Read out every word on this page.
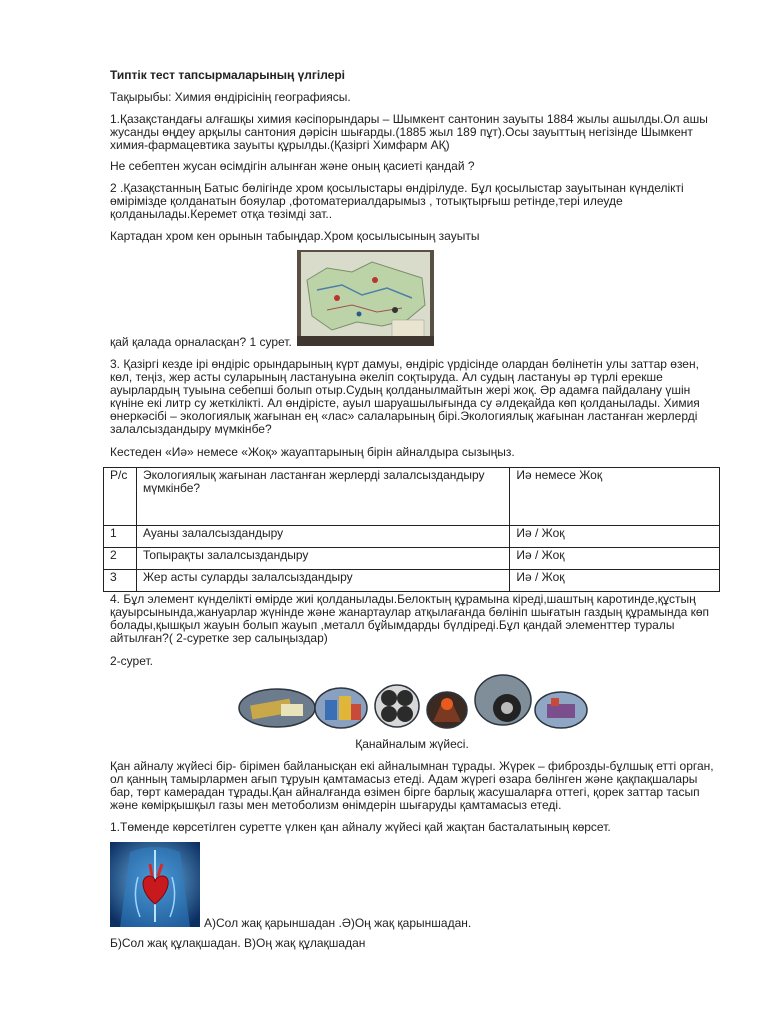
Типтік тест тапсырмаларының үлгілері

Тақырыбы: Химия өндірісінің географиясы.

1.Қазақстандағы алғашқы химия кәсіпорындары – Шымкент сантонин зауыты 1884 жылы ашылды.Ол ашы жусанды өңдеу арқылы сантония дәрісін шығарды.(1885 жыл 189 пұт).Осы зауыттың негізінде Шымкент химия-фармацевтика зауыты құрылды.(Қазіргі Химфарм АҚ)

Не себептен жусан өсімдігін алынған және оның қасиеті қандай ?

2 .Қазақстанның Батыс бөлігінде хром қосылыстары өндірілуде. Бұл қосылыстар зауытынан күнделікті өмірімізде қолданатын бояулар ,фотоматериалдарымыз , тотықтырғыш ретінде,тері илеуде қолданылады.Керемет отқа төзімді зат..

Картадан хром кен орынын табыңдар.Хром қосылысының зауыты

қай қалада орналасқан? 1 сурет.

3. Қазіргі кезде ірі өндіріс орындарының күрт дамуы, өндіріс үрдісінде олардан бөлінетін улы заттар өзен, көл, теңіз, жер асты суларының ластануына әкеліп соқтыруда. Ал судың ластануы әр түрлі ерекше ауырлардың туыына себепші болып отыр.Судың қолданылмайтын жері жоқ. Әр адамға пайдалану үшін күніне екі литр су жеткілікті. Ал өндірісте, ауыл шаруашылығында су әлдеқайда көп қолданылады. Химия өнеркәсібі – экологиялық жағынан ең «лас» салаларының бірі.Экологиялық жағынан ластанған жерлерді залалсыздандыру мүмкінбе?

Кестеден «Иә» немесе «Жоқ» жауаптарының бірін айналдыра сызыңыз.

Р/с	Экологиялық жағынан ластанған жерлерді залалсыздандыру мүмкінбе?	Иә немесе Жоқ
1	Ауаны залалсыздандыру	Иә / Жоқ
2	Топырақты залалсыздандыру	Иә / Жоқ
3	Жер асты суларды залалсыздандыру	Иә / Жоқ

4. Бұл элемент күнделікті өмірде жиі қолданылады.Белоктың құрамына кіреді,шаштың каротинде,құстың қауырсынында,жануарлар жүнінде және жанартаулар атқылағанда бөлініп шығатын газдың құрамында көп болады,қышқыл жауын болып жауып ,металл бұйымдарды бүлдіреді.Бұл қандай элементтер туралы айтылған?( 2-суретке зер салыңыздар)

2-сурет.

Қанайналым жүйесі.

Қан айналу жүйесі бір- бірімен байланысқан екі айналымнан тұрады. Жүрек – фиброзды-бұлшық етті орган, ол қанның тамырлармен ағып тұруын қамтамасыз етеді. Адам жүрегі өзара бөлінген және қақпақшалары бар, төрт камерадан тұрады.Қан айналғанда өзімен бірге барлық жасушаларға оттегі, қорек заттар тасып және көмірқышқыл газы мен метоболизм өнімдерін шығаруды қамтамасыз етеді.

1.Төменде көрсетілген суретте үлкен қан айналу жүйесі қай жақтан басталатының көрсет.

А)Сол жақ қарыншадан .Ә)Оң жақ қарыншадан.

Б)Сол жақ құлақшадан. В)Оң жақ құлақшадан
